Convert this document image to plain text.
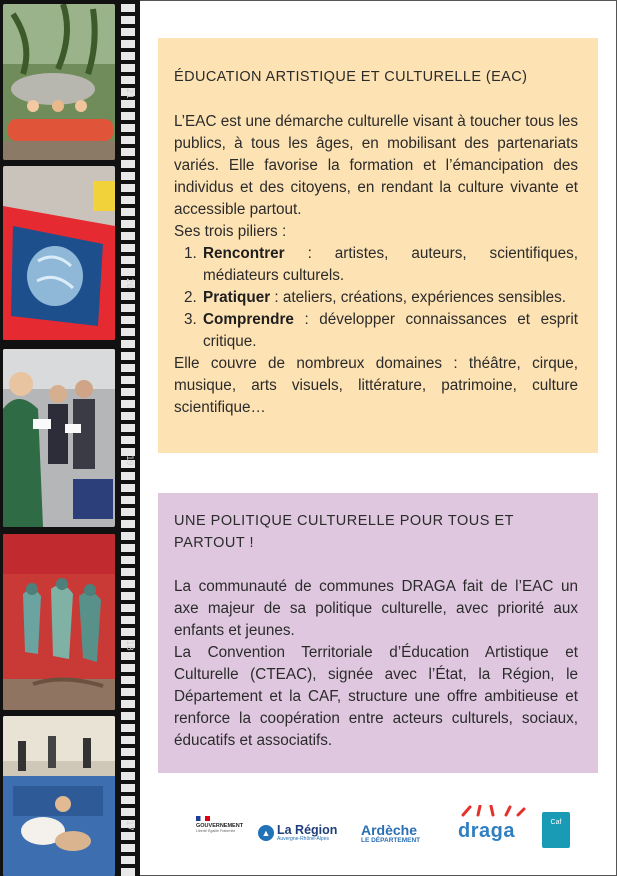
21
20
19
18
17
ÉDUCATION ARTISTIQUE ET CULTURELLE (EAC)

L’EAC est une démarche culturelle visant à toucher tous les publics, à tous les âges, en mobilisant des partenariats variés. Elle favorise la formation et l’émancipation des individus et des citoyens, en rendant la culture vivante et accessible partout.

Ses trois piliers :

1. Rencontrer : artistes, auteurs, scientifiques, médiateurs culturels.
2. Pratiquer : ateliers, créations, expériences sensibles.
3. Comprendre : développer connaissances et esprit critique.

Elle couvre de nombreux domaines : théâtre, cirque, musique, arts visuels, littérature, patrimoine, culture scientifique…

UNE POLITIQUE CULTURELLE POUR TOUS ET PARTOUT !

La communauté de communes DRAGA fait de l’EAC un axe majeur de sa politique culturelle, avec priorité aux enfants et jeunes.

La Convention Territoriale d’Éducation Artistique et Culturelle (CTEAC), signée avec l’État, la Région, le Département et la CAF, structure une offre ambitieuse et renforce la coopération entre acteurs culturels, sociaux, éducatifs et associatifs.

GOUVERNEMENT
Liberté Égalité Fraternité	▲ La Région
Auvergne-Rhône-Alpes
Ardèche
LE DÉPARTEMENT draga	Caf
